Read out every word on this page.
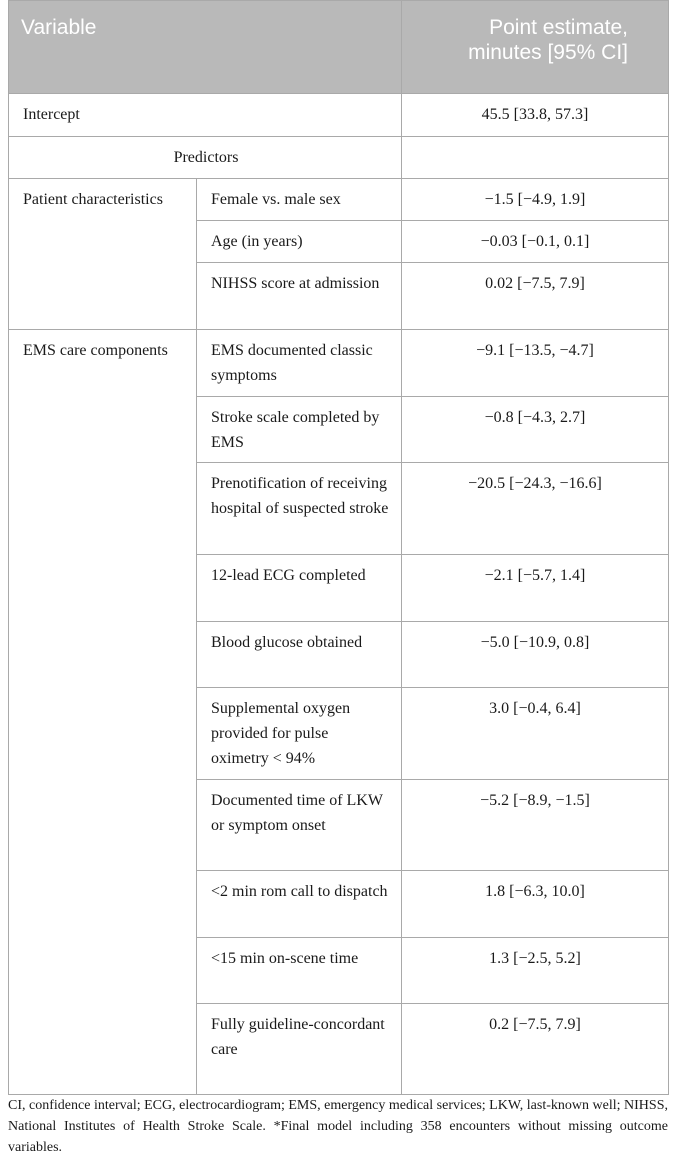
Variable		Point estimate, minutes [95% CI]
Intercept		45.5 [33.8, 57.3]
Predictors		
Patient characteristics	Female vs. male sex	−1.5 [−4.9, 1.9]
	Age (in years)	−0.03 [−0.1, 0.1]
	NIHSS score at admission	0.02 [−7.5, 7.9]
EMS care components	EMS documented classic symptoms	−9.1 [−13.5, −4.7]
	Stroke scale completed by EMS	−0.8 [−4.3, 2.7]
	Prenotification of receiving hospital of suspected stroke	−20.5 [−24.3, −16.6]
	12-lead ECG completed	−2.1 [−5.7, 1.4]
	Blood glucose obtained	−5.0 [−10.9, 0.8]
	Supplemental oxygen provided for pulse oximetry < 94%	3.0 [−0.4, 6.4]
	Documented time of LKW or symptom onset	−5.2 [−8.9, −1.5]
	<2 min rom call to dispatch	1.8 [−6.3, 10.0]
	<15 min on-scene time	1.3 [−2.5, 5.2]
	Fully guideline-concordant care	0.2 [−7.5, 7.9]
CI, confidence interval; ECG, electrocardiogram; EMS, emergency medical services; LKW, last-known well; NIHSS, National Institutes of Health Stroke Scale. *Final model including 358 encounters without missing outcome variables.
